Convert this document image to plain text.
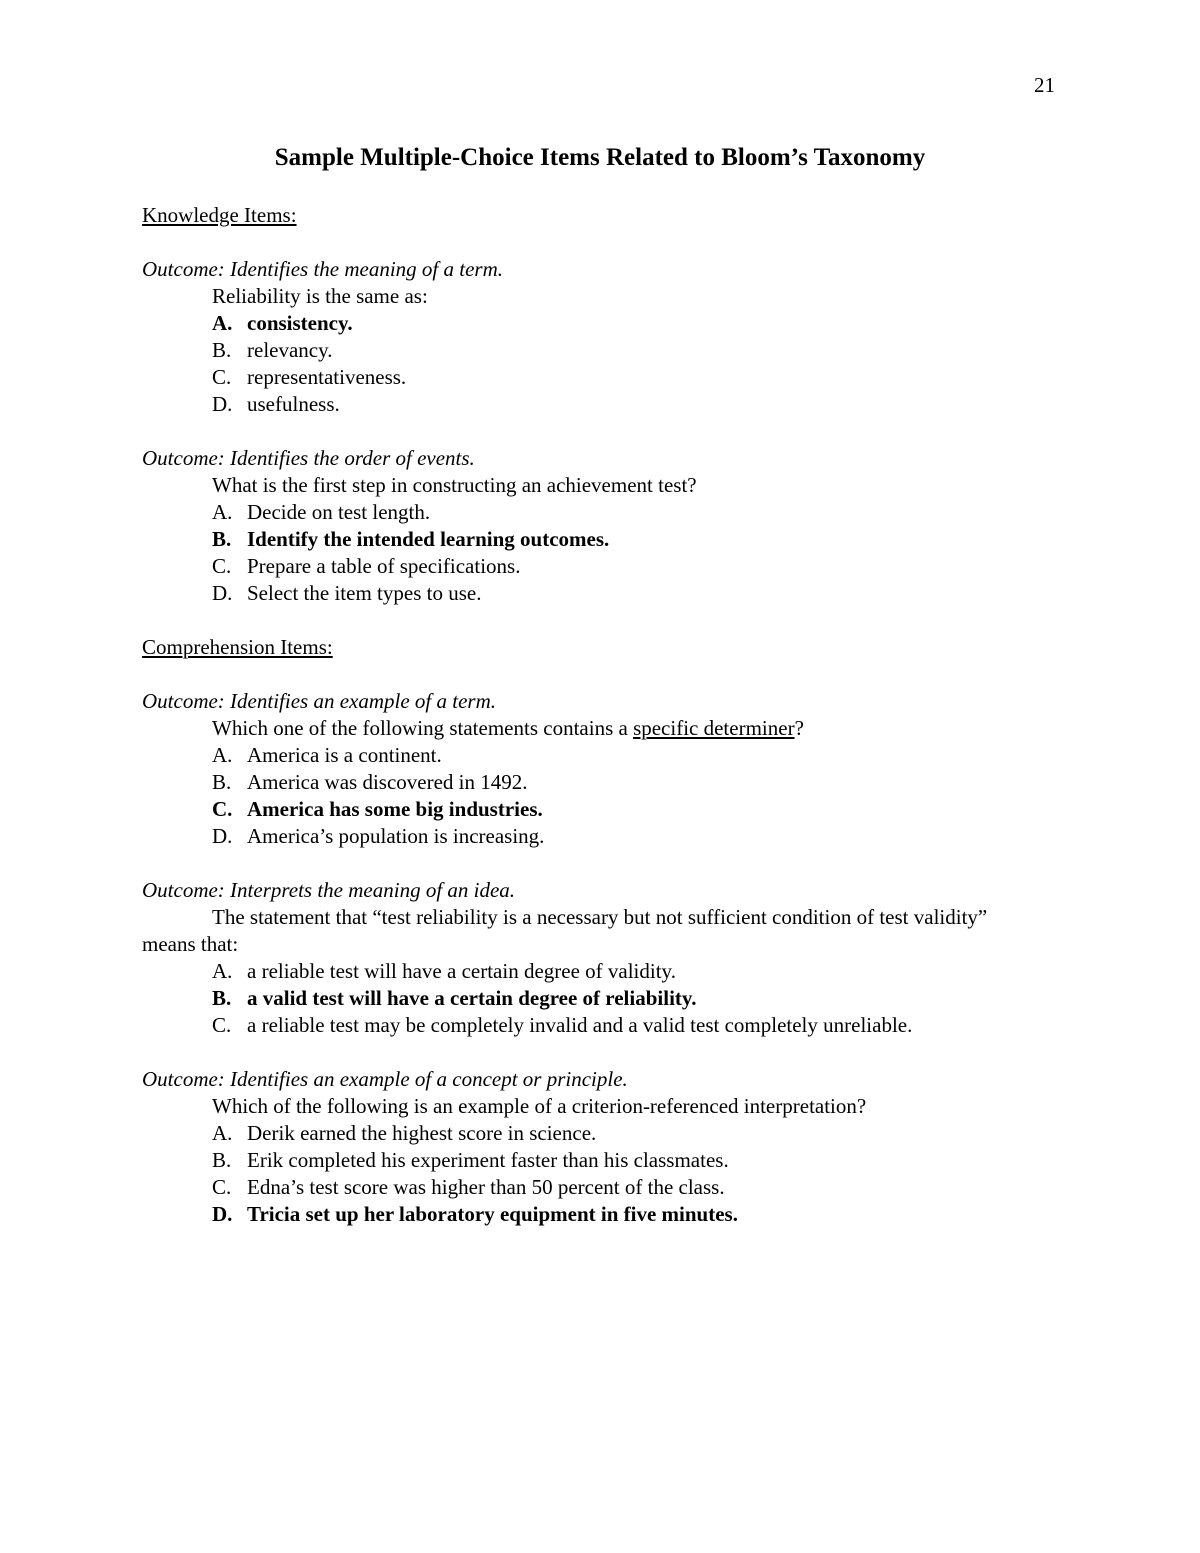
21
Sample Multiple-Choice Items Related to Bloom’s Taxonomy
Knowledge Items:
Outcome: Identifies the meaning of a term.
Reliability is the same as:
A. consistency.
B. relevancy.
C. representativeness.
D. usefulness.
Outcome: Identifies the order of events.
What is the first step in constructing an achievement test?
A. Decide on test length.
B. Identify the intended learning outcomes.
C. Prepare a table of specifications.
D. Select the item types to use.
Comprehension Items:
Outcome: Identifies an example of a term.
Which one of the following statements contains a specific determiner?
A. America is a continent.
B. America was discovered in 1492.
C. America has some big industries.
D. America’s population is increasing.
Outcome: Interprets the meaning of an idea.
The statement that “test reliability is a necessary but not sufficient condition of test validity” means that:
A. a reliable test will have a certain degree of validity.
B. a valid test will have a certain degree of reliability.
C. a reliable test may be completely invalid and a valid test completely unreliable.
Outcome: Identifies an example of a concept or principle.
Which of the following is an example of a criterion-referenced interpretation?
A. Derik earned the highest score in science.
B. Erik completed his experiment faster than his classmates.
C. Edna’s test score was higher than 50 percent of the class.
D. Tricia set up her laboratory equipment in five minutes.
